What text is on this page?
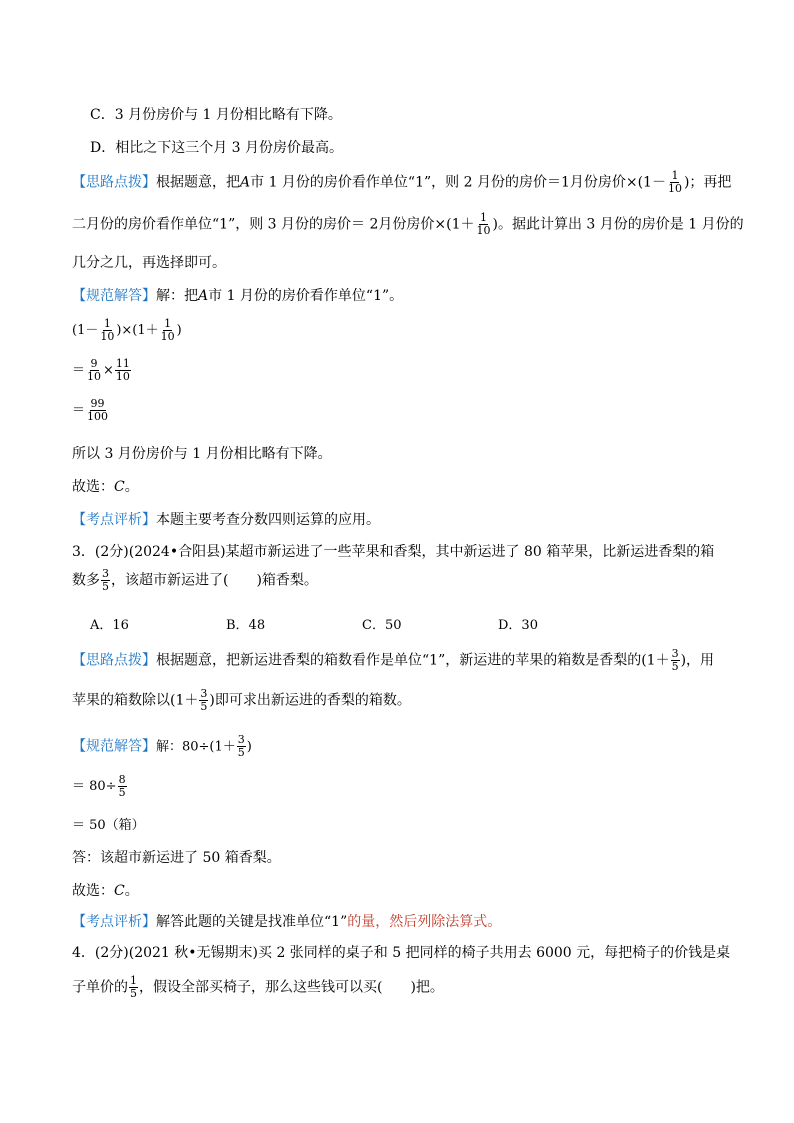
C．3 月份房价与 1 月份相比略有下降。
D．相比之下这三个月 3 月份房价最高。
【思路点拨】根据题意，把A市 1 月份的房价看作单位“1”，则 2 月份的房价＝1月份房价$\times(1- \frac{1}{10}$ )；再把
二月份的房价看作单位“1”，则 3 月份的房价＝ 2月份房价$\times(1+ \frac{1}{10}$ )。据此计算出 3 月份的房价是 1 月份的
几分之几，再选择即可。
【规范解答】解：把A市 1 月份的房价看作单位“1”。
$(1- \frac{1}{10} )\times(1+ \frac{1}{10}$ )
＝ $\frac{9}{10} \times \frac{11}{10}$
＝ $\frac{99}{100}$
所以 3 月份房价与 1 月份相比略有下降。
故选：C。
【考点评析】本题主要考查分数四则运算的应用。
3．(2分)(2024•合阳县)某超市新运进了一些苹果和香梨，其中新运进了 80 箱苹果，比新运进香梨的箱
数多 $\frac{3}{5}$ ，该超市新运进了(　　)箱香梨。
A．16	B．48	C．50	D．30
【思路点拨】根据题意，把新运进香梨的箱数看作是单位“1”，新运进的苹果的箱数是香梨的($1+ \frac{3}{5}$ )，用
苹果的箱数除以($1+ \frac{3}{5}$ )即可求出新运进的香梨的箱数。
【规范解答】解：$80\div(1+ \frac{3}{5}$ )
＝ $80\div \frac{8}{5}$
＝ 50（箱）
答：该超市新运进了 50 箱香梨。
故选：C。
【考点评析】解答此题的关键是找准单位“1”的量，然后列除法算式。
4．(2分)(2021 秋•无锡期末)买 2 张同样的桌子和 5 把同样的椅子共用去 6000 元，每把椅子的价钱是桌
子单价的 $\frac{1}{5}$ ，假设全部买椅子，那么这些钱可以买(　　)把。
